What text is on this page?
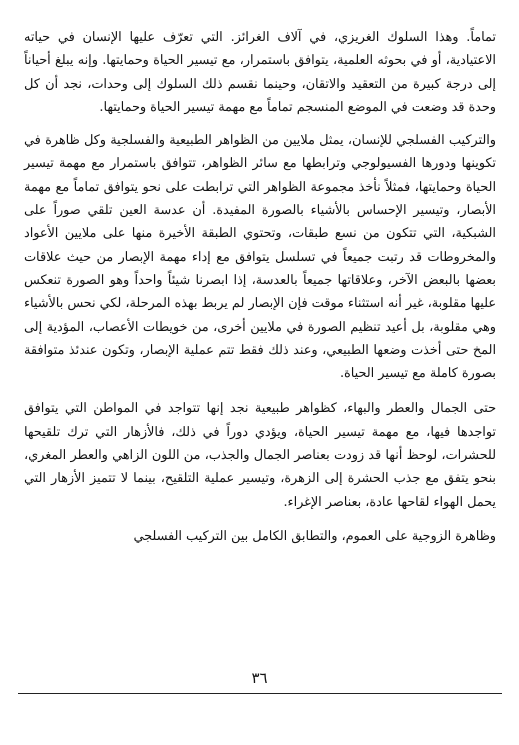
تماماً. وهذا السلوك الغريزي، في آلاف الغرائز. التي تعرّف عليها الإنسان في حياته الاعتيادية، أو في بحوثه العلمية، يتوافق باستمرار، مع تيسير الحياة وحمايتها. وإنه يبلغ أحياناً إلى درجة كبيرة من التعقيد والاتقان، وحينما نقسم ذلك السلوك إلى وحدات، نجد أن كل وحدة قد وضعت في الموضع المنسجم تماماً مع مهمة تيسير الحياة وحمايتها.

والتركيب الفسلجي للإنسان، يمثل ملايين من الظواهر الطبيعية والفسلجية وكل ظاهرة في تكوينها ودورها الفسيولوجي وترابطها مع سائر الظواهر، تتوافق باستمرار مع مهمة تيسير الحياة وحمايتها، فمثلاً نأخذ مجموعة الظواهر التي ترابطت على نحو يتوافق تماماً مع مهمة الأبصار، وتيسير الإحساس بالأشياء بالصورة المفيدة. أن عدسة العين تلقي صوراً على الشبكية، التي تتكون من نسع طبقات، وتحتوي الطبقة الأخيرة منها على ملايين الأعواد والمخروطات قد رتبت جميعاً في تسلسل يتوافق مع إداء مهمة الإبصار من حيث علاقات بعضها بالبعض الآخر، وعلاقاتها جميعاً بالعدسة، إذا ابصرنا شيئاً واحداً وهو الصورة تنعكس عليها مقلوبة، غير أنه استثناء موقت فإن الإبصار لم يربط بهذه المرحلة، لكي نحس بالأشياء وهي مقلوبة، بل أعيد تنظيم الصورة في ملايين أخرى، من خويطات الأعصاب، المؤدية إلى المخ حتى أخذت وضعها الطبيعي، وعند ذلك فقط تتم عملية الإبصار، وتكون عندئذ متوافقة بصورة كاملة مع تيسير الحياة.

حتى الجمال والعطر والبهاء، كظواهر طبيعية نجد إنها تتواجد في المواطن التي يتوافق تواجدها فيها، مع مهمة تيسير الحياة، ويؤدي دوراً في ذلك، فالأزهار التي ترك تلقيحها للحشرات، لوحظ أنها قد زودت بعناصر الجمال والجذب، من اللون الزاهي والعطر المغري، بنحو يتفق مع جذب الحشرة إلى الزهرة، وتيسير عملية التلقيح، بينما لا تتميز الأزهار التي يحمل الهواء لقاحها عادة، بعناصر الإغراء.

وظاهرة الزوجية على العموم، والتطابق الكامل بين التركيب الفسلجي

٣٦
